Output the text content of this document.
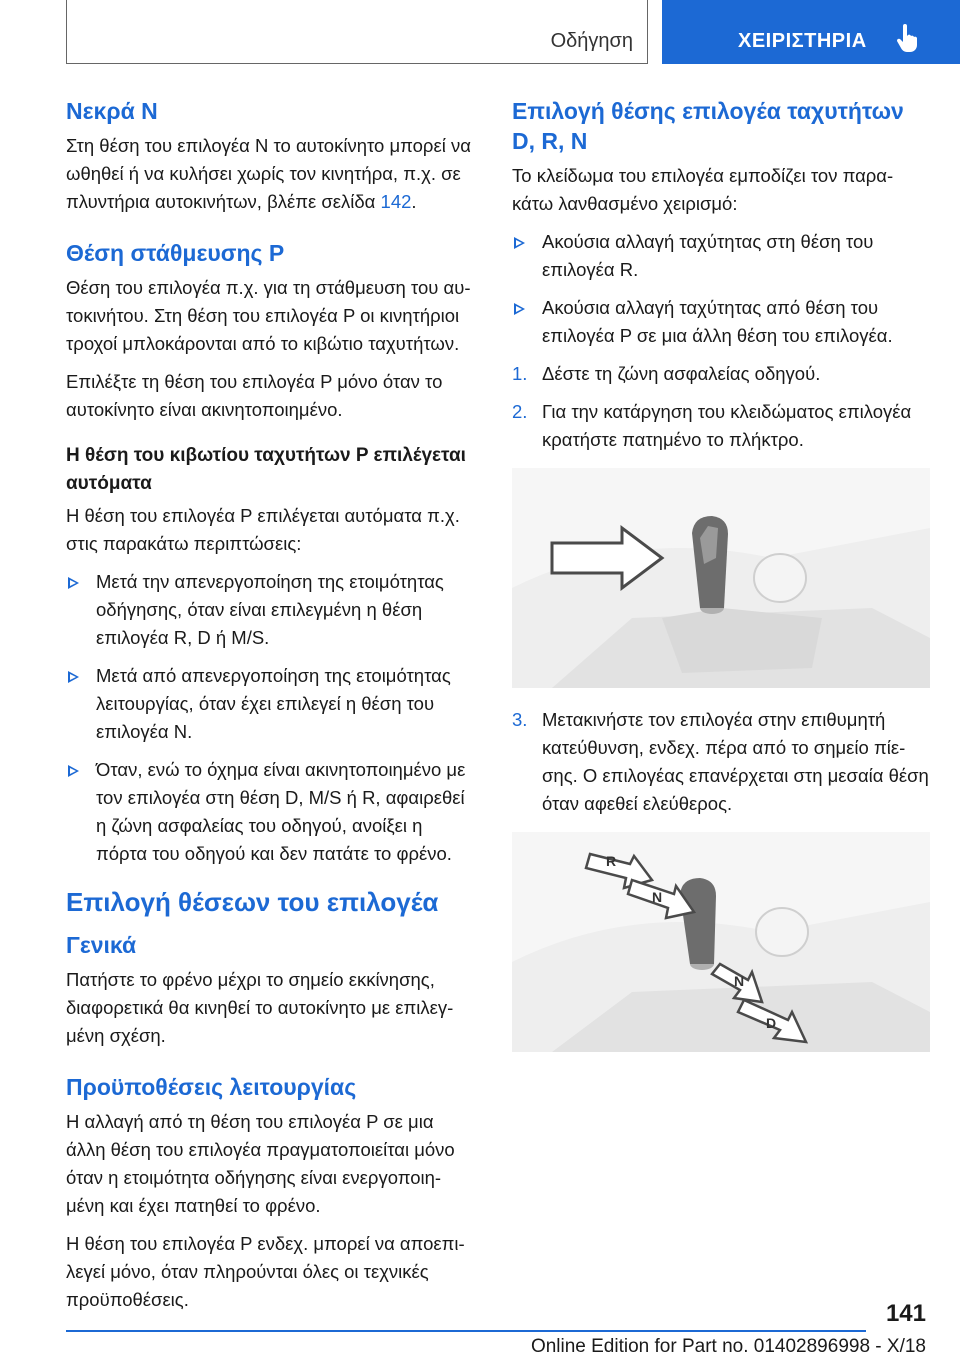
Οδήγηση	ΧΕΙΡΙΣΤΗΡΙΑ
Νεκρά N

Στη θέση του επιλογέα N το αυτοκίνητο μπορεί να ωθηθεί ή να κυλήσει χωρίς τον κινητήρα, π.χ. σε πλυντήρια αυτοκινήτων, βλέπε σελίδα 142.

Θέση στάθμευσης P

Θέση του επιλογέα π.χ. για τη στάθμευση του αυ-τοκινήτου. Στη θέση του επιλογέα P οι κινητήριοι τροχοί μπλοκάρονται από το κιβώτιο ταχυτήτων.

Επιλέξτε τη θέση του επιλογέα P μόνο όταν το αυτοκίνητο είναι ακινητοποιημένο.

Η θέση του κιβωτίου ταχυτήτων P επιλέγεται αυτόματα

Η θέση του επιλογέα P επιλέγεται αυτόματα π.χ. στις παρακάτω περιπτώσεις:

Μετά την απενεργοποίηση της ετοιμότητας οδήγησης, όταν είναι επιλεγμένη η θέση επιλογέα R, D ή M/S.
Μετά από απενεργοποίηση της ετοιμότητας λειτουργίας, όταν έχει επιλεγεί η θέση του επιλογέα N.
Όταν, ενώ το όχημα είναι ακινητοποιημένο με τον επιλογέα στη θέση D, M/S ή R, αφαιρεθεί η ζώνη ασφαλείας του οδηγού, ανοίξει η πόρτα του οδηγού και δεν πατάτε το φρένο.
Επιλογή θέσεων του επιλογέα
Γενικά

Πατήστε το φρένο μέχρι το σημείο εκκίνησης, διαφορετικά θα κινηθεί το αυτοκίνητο με επιλεγ-μένη σχέση.

Προϋποθέσεις λειτουργίας

Η αλλαγή από τη θέση του επιλογέα P σε μια άλλη θέση του επιλογέα πραγματοποιείται μόνο όταν η ετοιμότητα οδήγησης είναι ενεργοποιη-μένη και έχει πατηθεί το φρένο.

Η θέση του επιλογέα P ενδεχ. μπορεί να αποεπι-λεγεί μόνο, όταν πληρούνται όλες οι τεχνικές προϋποθέσεις.

Επιλογή θέσης επιλογέα ταχυτήτων D, R, N

Το κλείδωμα του επιλογέα εμποδίζει τον παρα-κάτω λανθασμένο χειρισμό:

Ακούσια αλλαγή ταχύτητας στη θέση του επιλογέα R.
Ακούσια αλλαγή ταχύτητας από θέση του επιλογέα P σε μια άλλη θέση του επιλογέα.
1. Δέστε τη ζώνη ασφαλείας οδηγού.
2. Για την κατάργηση του κλειδώματος επιλογέα κρατήστε πατημένο το πλήκτρο.
3. Μετακινήστε τον επιλογέα στην επιθυμητή κατεύθυνση, ενδεχ. πέρα από το σημείο πίε-σης. Ο επιλογέας επανέρχεται στη μεσαία θέση όταν αφεθεί ελεύθερος.
R
N
N
D
141
Online Edition for Part no. 01402896998 - X/18
